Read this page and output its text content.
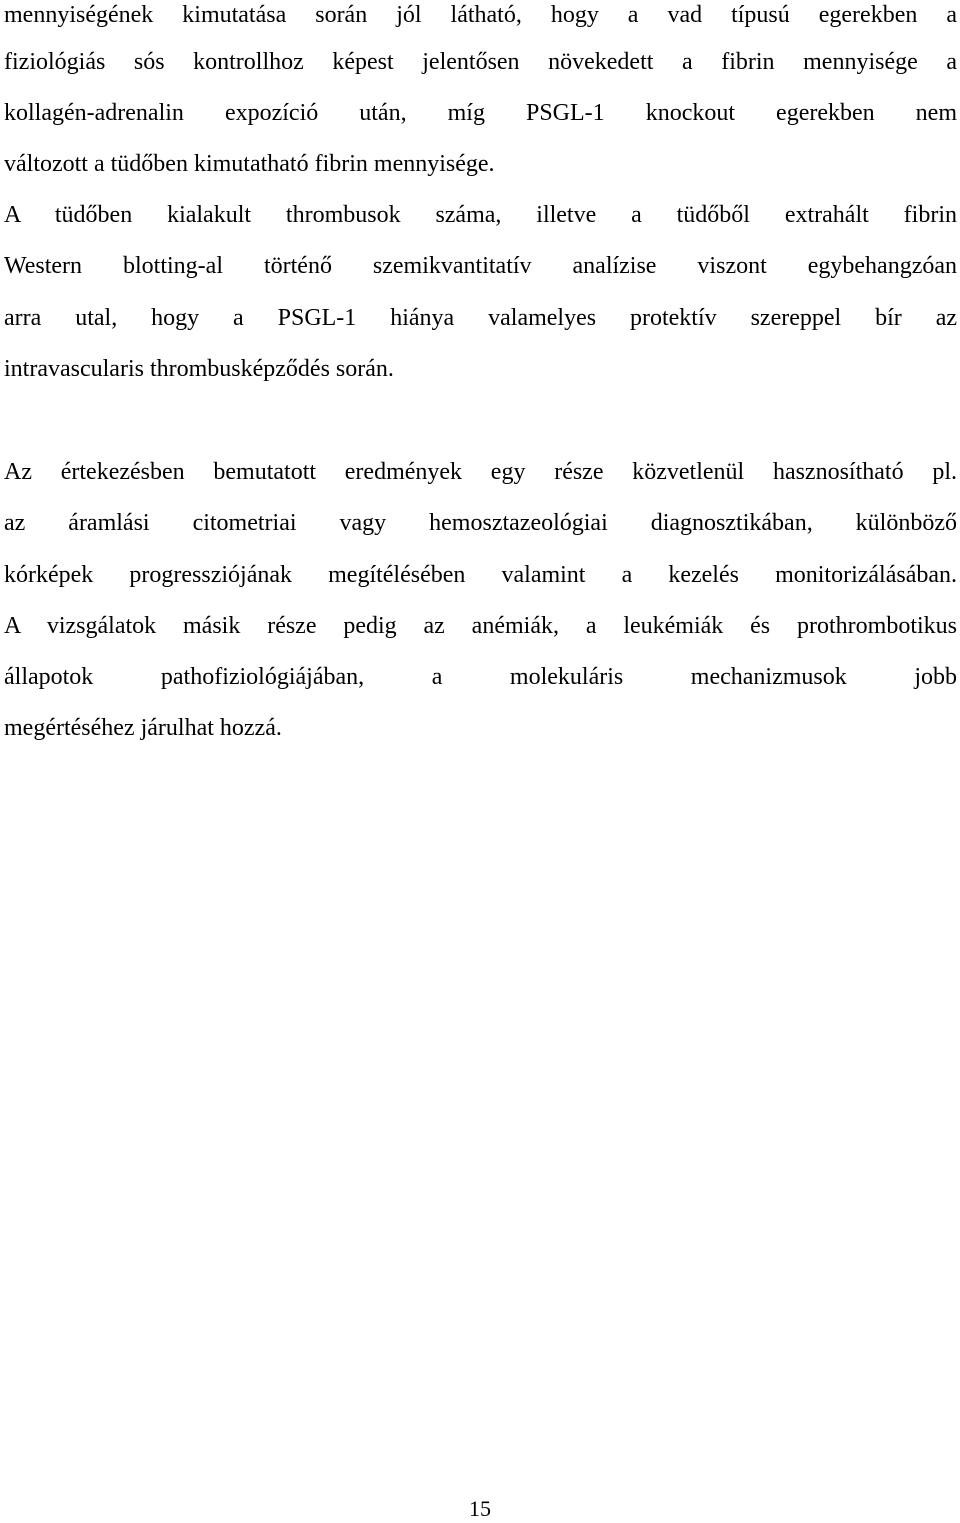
mennyiségének kimutatása során jól látható, hogy a vad típusú egerekben a
fiziológiás sós kontrollhoz képest jelentősen növekedett a fibrin mennyisége a
kollagén-adrenalin expozíció után, míg PSGL-1 knockout egerekben nem
változott a tüdőben kimutatható fibrin mennyisége.
A tüdőben kialakult thrombusok száma, illetve a tüdőből extrahált fibrin
Western blotting-al történő szemikvantitatív analízise viszont egybehangzóan
arra utal, hogy a PSGL-1 hiánya valamelyes protektív szereppel bír az
intravascularis thrombusképződés során.
Az értekezésben bemutatott eredmények egy része közvetlenül hasznosítható pl.
az áramlási citometriai vagy hemosztazeológiai diagnosztikában, különböző
kórképek progressziójának megítélésében valamint a kezelés monitorizálásában.
A vizsgálatok másik része pedig az anémiák, a leukémiák és prothrombotikus
állapotok pathofiziológiájában, a molekuláris mechanizmusok jobb
megértéséhez járulhat hozzá.
15
